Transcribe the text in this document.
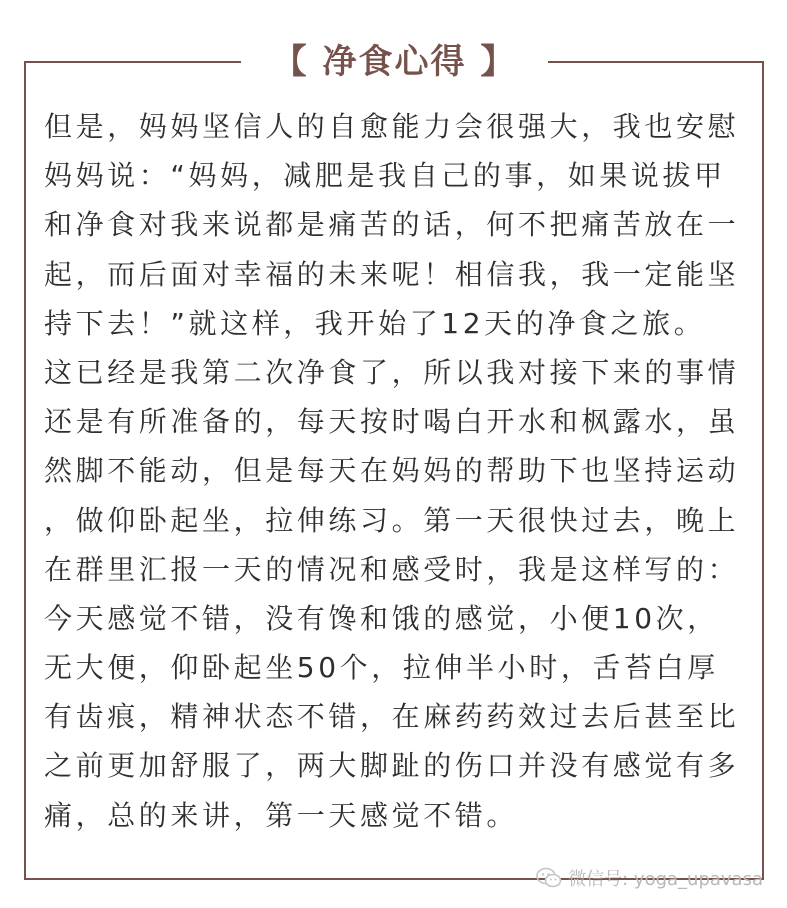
【 净食心得 】
但是，妈妈坚信人的自愈能力会很强大，我也安慰
妈妈说：“妈妈，减肥是我自己的事，如果说拔甲
和净食对我来说都是痛苦的话，何不把痛苦放在一
起，而后面对幸福的未来呢！相信我，我一定能坚
持下去！”就这样，我开始了12天的净食之旅。
这已经是我第二次净食了，所以我对接下来的事情
还是有所准备的，每天按时喝白开水和枫露水，虽
然脚不能动，但是每天在妈妈的帮助下也坚持运动
，做仰卧起坐，拉伸练习。第一天很快过去，晚上
在群里汇报一天的情况和感受时，我是这样写的：
今天感觉不错，没有馋和饿的感觉，小便10次，
无大便，仰卧起坐50个，拉伸半小时，舌苔白厚
有齿痕，精神状态不错，在麻药药效过去后甚至比
之前更加舒服了，两大脚趾的伤口并没有感觉有多
痛，总的来讲，第一天感觉不错。
微信号: yoga_upavasa
